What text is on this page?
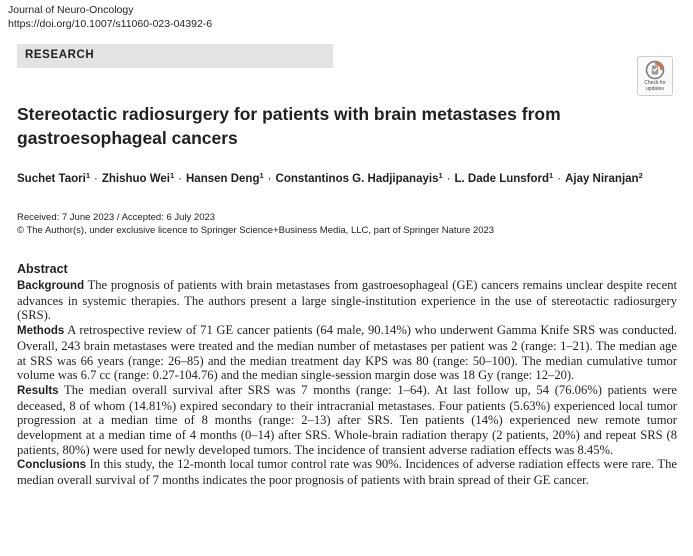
Journal of Neuro-Oncology
https://doi.org/10.1007/s11060-023-04392-6
RESEARCH
Check for
updates
Stereotactic radiosurgery for patients with brain metastases from gastroesophageal cancers
Suchet Taori$^1$ · Zhishuo Wei$^1$ · Hansen Deng$^1$ · Constantinos G. Hadjipanayis$^1$ · L. Dade Lunsford$^1$ · Ajay Niranjan$^2$
Received: 7 June 2023 / Accepted: 6 July 2023
© The Author(s), under exclusive licence to Springer Science+Business Media, LLC, part of Springer Nature 2023
Abstract

Background The prognosis of patients with brain metastases from gastroesophageal (GE) cancers remains unclear despite recent advances in systemic therapies. The authors present a large single-institution experience in the use of stereotactic radiosurgery (SRS).

Methods A retrospective review of 71 GE cancer patients (64 male, 90.14%) who underwent Gamma Knife SRS was conducted. Overall, 243 brain metastases were treated and the median number of metastases per patient was 2 (range: 1–21). The median age at SRS was 66 years (range: 26–85) and the median treatment day KPS was 80 (range: 50–100). The median cumulative tumor volume was 6.7 cc (range: 0.27-104.76) and the median single-session margin dose was 18 Gy (range: 12–20).

Results The median overall survival after SRS was 7 months (range: 1–64). At last follow up, 54 (76.06%) patients were deceased, 8 of whom (14.81%) expired secondary to their intracranial metastases. Four patients (5.63%) experienced local tumor progression at a median time of 8 months (range: 2–13) after SRS. Ten patients (14%) experienced new remote tumor development at a median time of 4 months (0–14) after SRS. Whole-brain radiation therapy (2 patients, 20%) and repeat SRS (8 patients, 80%) were used for newly developed tumors. The incidence of transient adverse radiation effects was 8.45%.

Conclusions In this study, the 12-month local tumor control rate was 90%. Incidences of adverse radiation effects were rare. The median overall survival of 7 months indicates the poor prognosis of patients with brain spread of their GE cancer.
